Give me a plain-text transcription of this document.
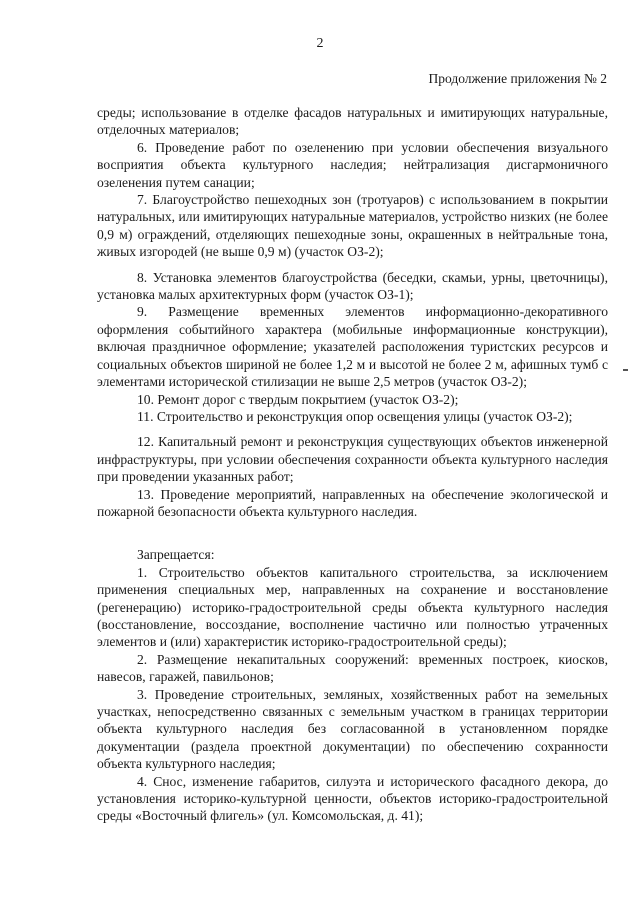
2
Продолжение приложения № 2

среды; использование в отделке фасадов натуральных и имитирующих натуральные, отделочных материалов;

6. Проведение работ по озеленению при условии обеспечения визуального восприятия объекта культурного наследия; нейтрализация дисгармоничного озеленения путем санации;

7. Благоустройство пешеходных зон (тротуаров) с использованием в покрытии натуральных, или имитирующих натуральные материалов, устройство низких (не более 0,9 м) ограждений, отделяющих пешеходные зоны, окрашенных в нейтральные тона, живых изгородей (не выше 0,9 м) (участок ОЗ-2);

8. Установка элементов благоустройства (беседки, скамьи, урны, цветочницы), установка малых архитектурных форм (участок ОЗ-1);

9. Размещение временных элементов информационно-декоративного оформления событийного характера (мобильные информационные конструкции), включая праздничное оформление; указателей расположения туристских ресурсов и социальных объектов шириной не более 1,2 м и высотой не более 2 м, афишных тумб с элементами исторической стилизации не выше 2,5 метров (участок ОЗ-2);

10. Ремонт дорог с твердым покрытием (участок ОЗ-2);

11. Строительство и реконструкция опор освещения улицы (участок ОЗ-2);

12. Капитальный ремонт и реконструкция существующих объектов инженерной инфраструктуры, при условии обеспечения сохранности объекта культурного наследия при проведении указанных работ;

13. Проведение мероприятий, направленных на обеспечение экологической и пожарной безопасности объекта культурного наследия.

Запрещается:

1. Строительство объектов капитального строительства, за исключением применения специальных мер, направленных на сохранение и восстановление (регенерацию) историко-градостроительной среды объекта культурного наследия (восстановление, воссоздание, восполнение частично или полностью утраченных элементов и (или) характеристик историко-градостроительной среды);

2. Размещение некапитальных сооружений: временных построек, киосков, навесов, гаражей, павильонов;

3. Проведение строительных, земляных, хозяйственных работ на земельных участках, непосредственно связанных с земельным участком в границах территории объекта культурного наследия без согласованной в установленном порядке документации (раздела проектной документации) по обеспечению сохранности объекта культурного наследия;

4. Снос, изменение габаритов, силуэта и исторического фасадного декора, до установления историко-культурной ценности, объектов историко-градостроительной среды «Восточный флигель» (ул. Комсомольская, д. 41);
